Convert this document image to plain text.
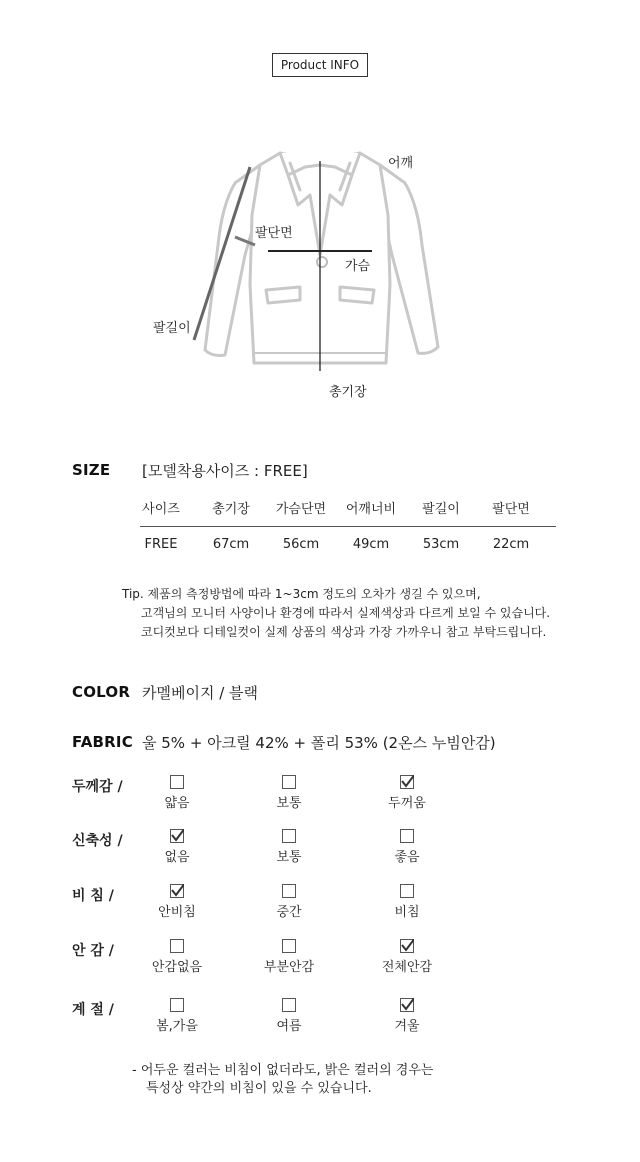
Product INFO
어깨
팔단면
가슴
팔길이
총기장
SIZE [모델착용사이즈 : FREE]
사이즈	총기장	가슴단면	어깨너비	팔길이	팔단면
FREE	67cm	56cm	49cm	53cm	22cm
Tip. 제품의 측정방법에 따라 1~3cm 정도의 오차가 생길 수 있으며,
고객님의 모니터 사양이나 환경에 따라서 실제색상과 다르게 보일 수 있습니다.
코디컷보다 디테일컷이 실제 상품의 색상과 가장 가까우니 참고 부탁드립니다.
COLOR 카멜베이지 / 블랙
FABRIC 울 5% + 아크릴 42% + 폴리 53% (2온스 누빔안감)
두께감 /
얇음	보통	두꺼움
신축성 /
없음	보통	좋음
비 침 /
안비침	중간	비침
안 감 /
안감없음	부분안감	전체안감
계 절 /
봄,가을	여름	겨울
- 어두운 컬러는 비침이 없더라도, 밝은 컬러의 경우는
특성상 약간의 비침이 있을 수 있습니다.
